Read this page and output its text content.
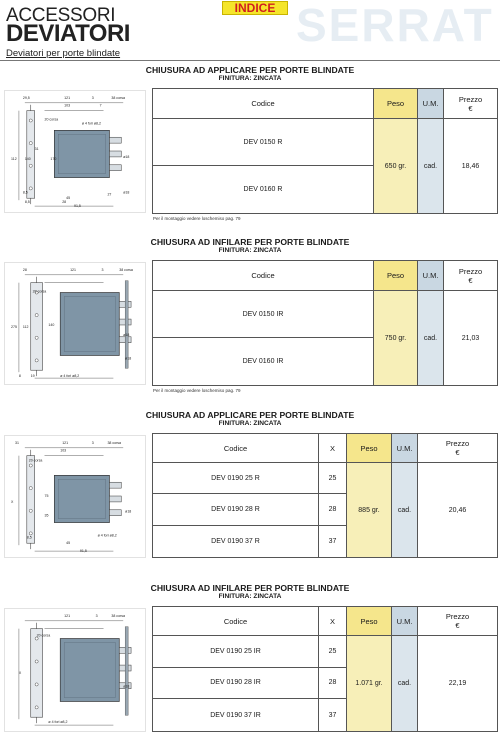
SERRAT
ACCESSORI
DEVIATORI
INDICE
Deviatori per porte blindate
CHIUSURA AD APPLICARE PER PORTE BLINDATE
FINITURA: ZINCATA
29,5	121	3	38 corsa
103	7
20 corsa
ø 4 fori ø8,2
112 140
31
170
8,5
45
8,5	28
91,5
27
ø18
ø18
Per il montaggio vedere loschemiso pag. 79
Codice	Peso	U.M.	Prezzo
€
DEV 0150 R
DEV 0160 R
650 gr.	cad.	18,46
CHIUSURA AD INFILARE PER PORTE BLINDATE
FINITURA: ZINCATA
28	121	3	38 corsa
20 corsa
275 112	140
ø18
ø18
8	19	ø 4 fori ø8,2
Per il montaggio vedere loschemiso pag. 79
Codice	Peso	U.M.	Prezzo
€
DEV 0150 IR
DEV 0160 IR
750 gr.	cad.	21,03
CHIUSURA AD APPLICARE PER PORTE BLINDATE
FINITURA: ZINCATA
31	121	3	38 corsa
103
20 corsa
X
75
35
8,5
45
91,5
ø 4 fori ø8,2
ø18
Codice	X	Peso	U.M.	Prezzo
€
DEV 0190 25 R	25
DEV 0190 28 R	28
DEV 0190 37 R	37
885 gr.	cad.	20,46
CHIUSURA AD INFILARE PER PORTE BLINDATE
FINITURA: ZINCATA
121	3	38 corsa
20 corsa
X
ø18
ø 4 fori ø8,2
Codice	X	Peso	U.M.	Prezzo
€
DEV 0190 25 IR	25
DEV 0190 28 IR	28
DEV 0190 37 IR	37
1.071 gr.	cad.	22,19
